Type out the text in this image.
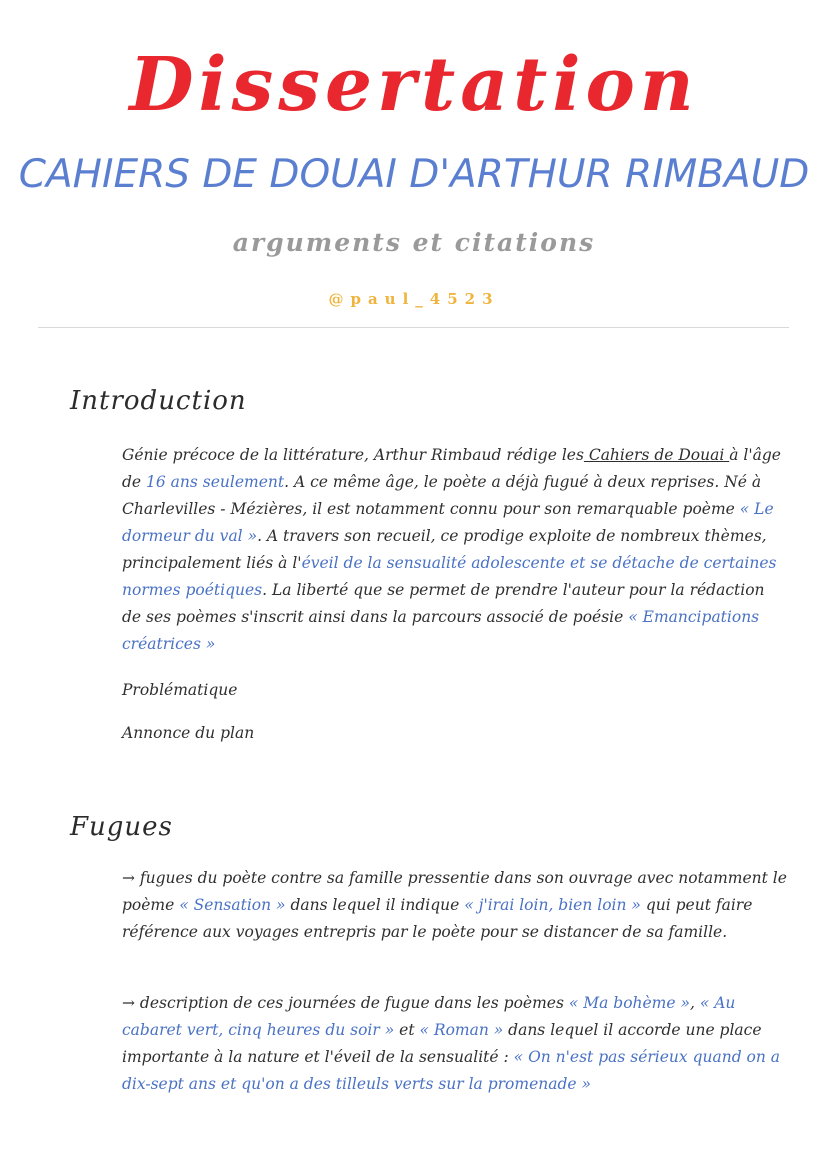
Dissertation
CAHIERS DE DOUAI D'ARTHUR RIMBAUD
arguments et citations
@paul_4523
Introduction
Génie précoce de la littérature, Arthur Rimbaud rédige les Cahiers de Douai à l'âge de 16 ans seulement. A ce même âge, le poète a déjà fugué à deux reprises. Né à Charlevilles - Mézières, il est notamment connu pour son remarquable poème « Le dormeur du val ». A travers son recueil, ce prodige exploite de nombreux thèmes, principalement liés à l'éveil de la sensualité adolescente et se détache de certaines normes poétiques. La liberté que se permet de prendre l'auteur pour la rédaction de ses poèmes s'inscrit ainsi dans la parcours associé de poésie « Emancipations créatrices »
Problématique
Annonce du plan
Fugues
→ fugues du poète contre sa famille pressentie dans son ouvrage avec notamment le poème « Sensation » dans lequel il indique « j'irai loin, bien loin » qui peut faire référence aux voyages entrepris par le poète pour se distancer de sa famille.
→ description de ces journées de fugue dans les poèmes « Ma bohème », « Au cabaret vert, cinq heures du soir » et « Roman » dans lequel il accorde une place importante à la nature et l'éveil de la sensualité : « On n'est pas sérieux quand on a dix-sept ans et qu'on a des tilleuls verts sur la promenade »
